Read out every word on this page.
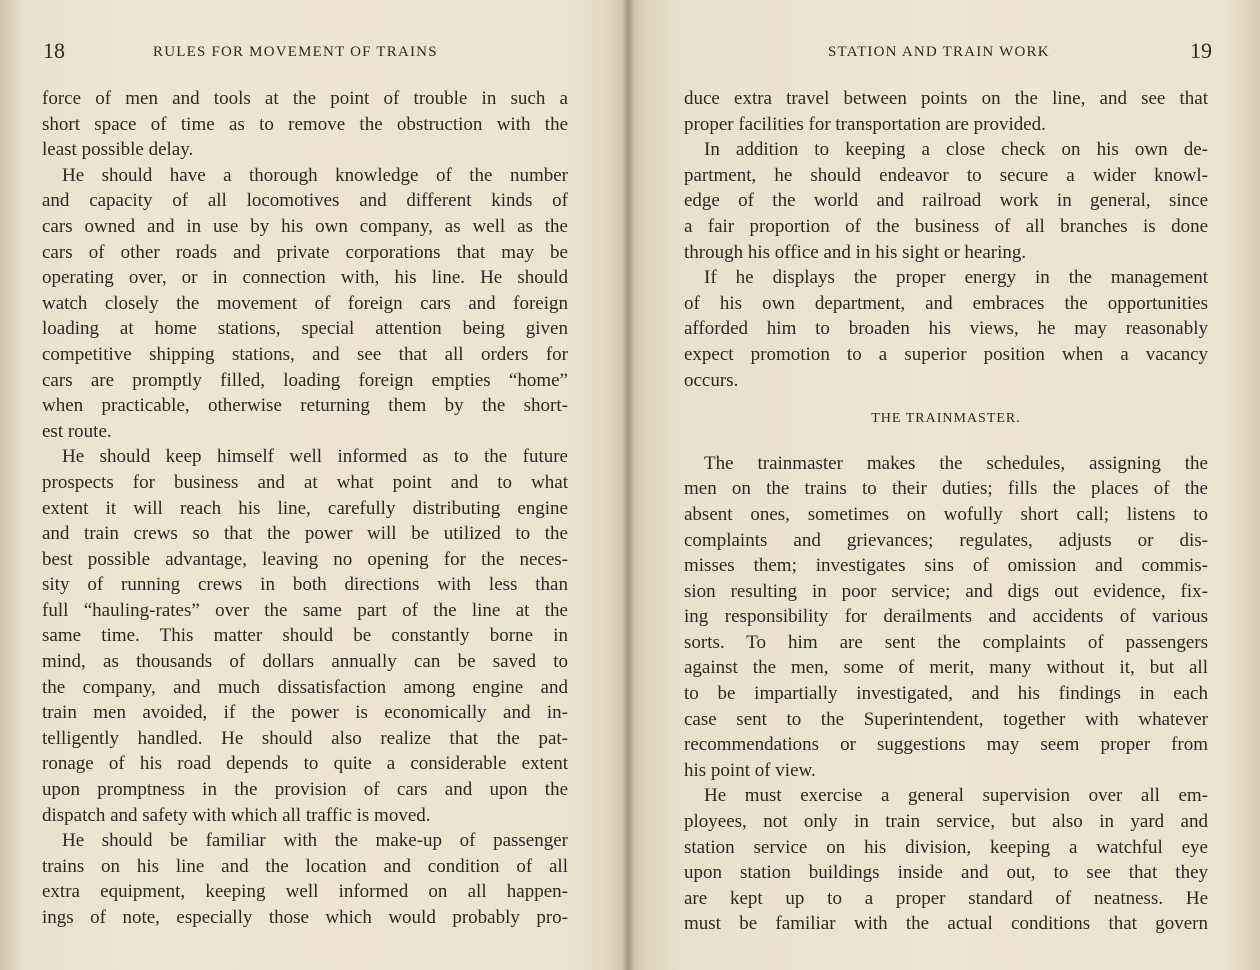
18	RULES FOR MOVEMENT OF TRAINS
force of men and tools at the point of trouble in such a
short space of time as to remove the obstruction with the
least possible delay.
He should have a thorough knowledge of the number
and capacity of all locomotives and different kinds of
cars owned and in use by his own company, as well as the
cars of other roads and private corporations that may be
operating over, or in connection with, his line. He should
watch closely the movement of foreign cars and foreign
loading at home stations, special attention being given
competitive shipping stations, and see that all orders for
cars are promptly filled, loading foreign empties “home”
when practicable, otherwise returning them by the short-
est route.
He should keep himself well informed as to the future
prospects for business and at what point and to what
extent it will reach his line, carefully distributing engine
and train crews so that the power will be utilized to the
best possible advantage, leaving no opening for the neces-
sity of running crews in both directions with less than
full “hauling-rates” over the same part of the line at the
same time. This matter should be constantly borne in
mind, as thousands of dollars annually can be saved to
the company, and much dissatisfaction among engine and
train men avoided, if the power is economically and in-
telligently handled. He should also realize that the pat-
ronage of his road depends to quite a considerable extent
upon promptness in the provision of cars and upon the
dispatch and safety with which all traffic is moved.
He should be familiar with the make-up of passenger
trains on his line and the location and condition of all
extra equipment, keeping well informed on all happen-
ings of note, especially those which would probably pro-
19
STATION AND TRAIN WORK
duce extra travel between points on the line, and see that
proper facilities for transportation are provided.
In addition to keeping a close check on his own de-
partment, he should endeavor to secure a wider knowl-
edge of the world and railroad work in general, since
a fair proportion of the business of all branches is done
through his office and in his sight or hearing.
If he displays the proper energy in the management
of his own department, and embraces the opportunities
afforded him to broaden his views, he may reasonably
expect promotion to a superior position when a vacancy
occurs.
THE TRAINMASTER.
The trainmaster makes the schedules, assigning the
men on the trains to their duties; fills the places of the
absent ones, sometimes on wofully short call; listens to
complaints and grievances; regulates, adjusts or dis-
misses them; investigates sins of omission and commis-
sion resulting in poor service; and digs out evidence, fix-
ing responsibility for derailments and accidents of various
sorts. To him are sent the complaints of passengers
against the men, some of merit, many without it, but all
to be impartially investigated, and his findings in each
case sent to the Superintendent, together with whatever
recommendations or suggestions may seem proper from
his point of view.
He must exercise a general supervision over all em-
ployees, not only in train service, but also in yard and
station service on his division, keeping a watchful eye
upon station buildings inside and out, to see that they
are kept up to a proper standard of neatness. He
must be familiar with the actual conditions that govern
